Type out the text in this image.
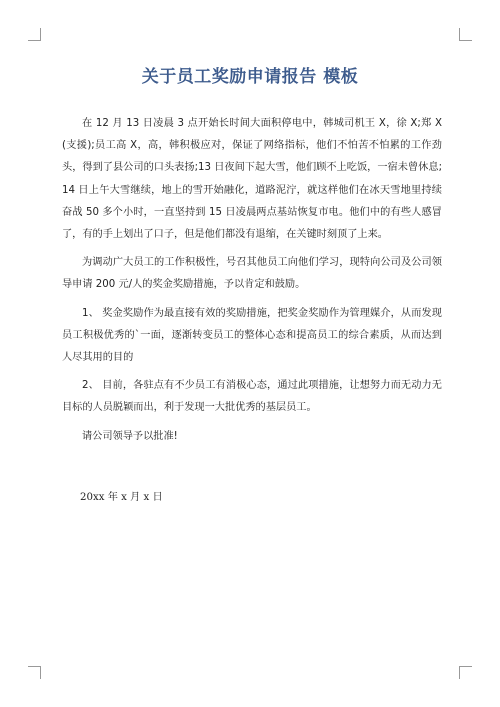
关于员工奖励申请报告 模板

在 12 月 13 日凌晨 3 点开始长时间大面积停电中，韩城司机王 X，徐 X;郑 X(支援);员工高 X，高，韩积极应对，保证了网络指标，他们不怕苦不怕累的工作劲头，得到了县公司的口头表扬;13 日夜间下起大雪，他们顾不上吃饭，一宿未曾休息;14 日上午大雪继续，地上的雪开始融化，道路泥泞，就这样他们在冰天雪地里持续奋战 50 多个小时，一直坚持到 15 日凌晨两点基站恢复市电。他们中的有些人感冒了，有的手上划出了口子，但是他们都没有退缩，在关键时刻顶了上来。

为调动广大员工的工作积极性，号召其他员工向他们学习，现特向公司及公司领导申请 200 元/人的奖金奖励措施，予以肯定和鼓励。

1、 奖金奖励作为最直接有效的奖励措施，把奖金奖励作为管理媒介，从而发现员工积极优秀的`一面，逐渐转变员工的整体心态和提高员工的综合素质，从而达到人尽其用的目的

2、 目前，各驻点有不少员工有消极心态，通过此项措施，让想努力而无动力无目标的人员脱颖而出，利于发现一大批优秀的基层员工。

请公司领导予以批准!

20xx 年 x 月 x 日
